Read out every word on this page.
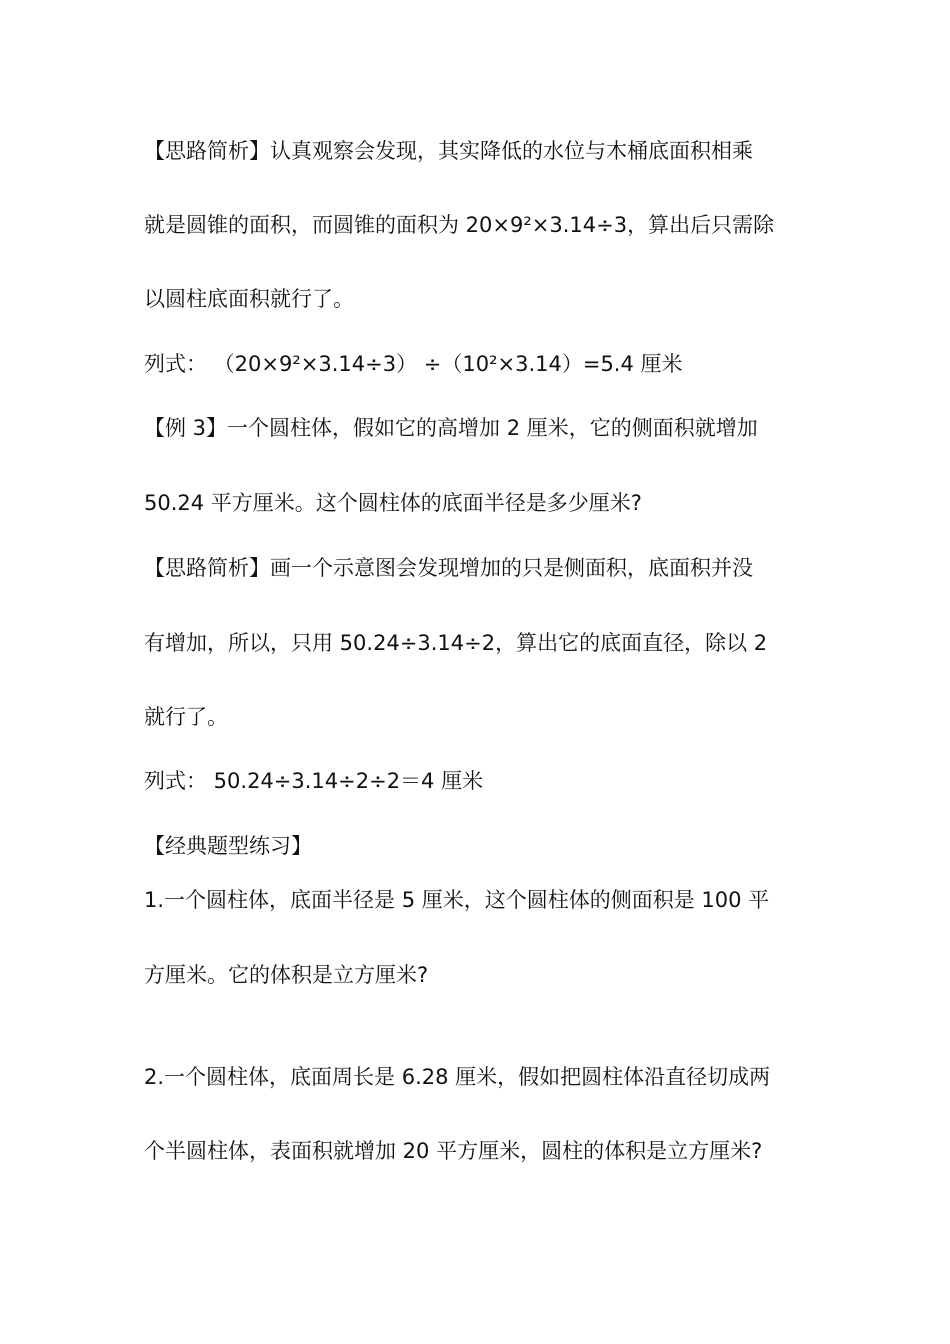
【思路简析】认真观察会发现，其实降低的水位与木桶底面积相乘
就是圆锥的面积，而圆锥的面积为 20×9²×3.14÷3，算出后只需除
以圆柱底面积就行了。
列式： （20×9²×3.14÷3） ÷（10²×3.14）=5.4 厘米
【例 3】一个圆柱体，假如它的高增加 2 厘米，它的侧面积就增加
50.24 平方厘米。这个圆柱体的底面半径是多少厘米?
【思路简析】画一个示意图会发现增加的只是侧面积，底面积并没
有增加，所以，只用 50.24÷3.14÷2，算出它的底面直径，除以 2
就行了。
列式： 50.24÷3.14÷2÷2＝4 厘米
【经典题型练习】
1.一个圆柱体，底面半径是 5 厘米，这个圆柱体的侧面积是 100 平
方厘米。它的体积是立方厘米?
2.一个圆柱体，底面周长是 6.28 厘米，假如把圆柱体沿直径切成两
个半圆柱体，表面积就增加 20 平方厘米，圆柱的体积是立方厘米?
